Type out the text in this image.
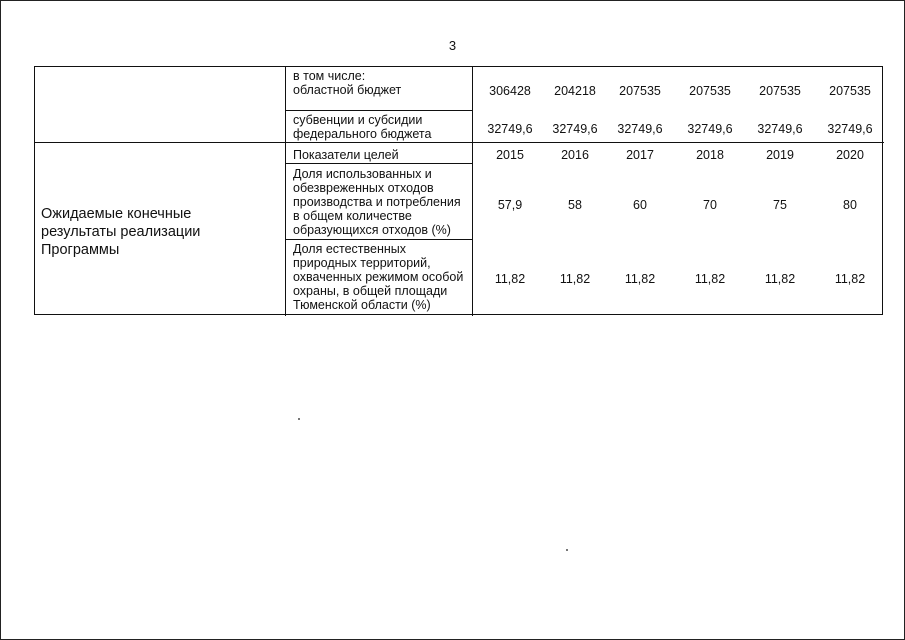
3
Ожидаемые конечные
результаты реализации
Программы
в том числе:
областной бюджет	306428	204218	207535	207535	207535	207535
субвенции и субсидии
федерального бюджета	32749,6	32749,6	32749,6	32749,6	32749,6	32749,6
Показатели целей	2015	2016	2017	2018	2019	2020
Доля использованных и
обезвреженных отходов
производства и потребления
в общем количестве
образующихся отходов (%)
57,9	58	60	70	75	80
Доля естественных
природных территорий,
охваченных режимом особой
охраны, в общей площади
Тюменской области (%)
11,82	11,82	11,82	11,82	11,82	11,82
